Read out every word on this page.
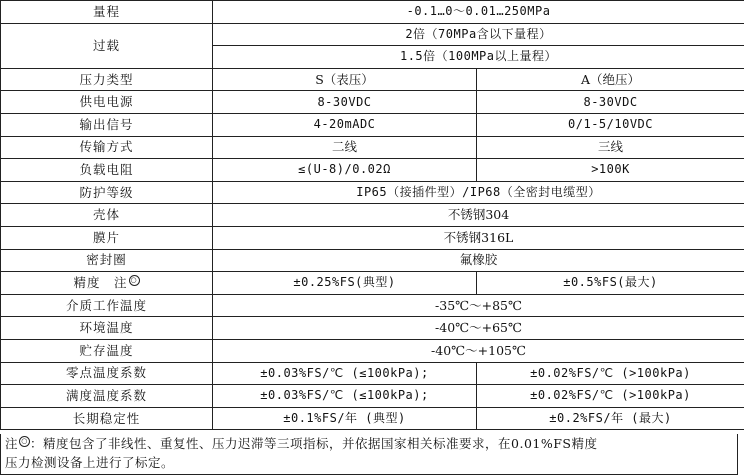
量程	-0.1…0～0.01…250MPa	
过载	2倍（70MPa含以下量程）	
	1.5倍（100MPa以上量程）	
压力类型	S（表压）	A（绝压）
供电电源	8-30VDC	8-30VDC
输出信号	4-20mADC	0/1-5/10VDC
传输方式	二线	三线
负载电阻	≤(U-8)/0.02Ω	>100K
防护等级	IP65（接插件型）/IP68（全密封电缆型）	
壳体	不锈钢304	
膜片	不锈钢316L	
密封圈	氟橡胶	
精度　注 ○	±0.25%FS(典型)	±0.5%FS(最大)
介质工作温度	-35℃～+85℃	
环境温度	-40℃～+65℃	
贮存温度	-40℃～+105℃	
零点温度系数	±0.03%FS/℃ (≤100kPa);	±0.02%FS/℃ (>100kPa)
满度温度系数	±0.03%FS/℃ (≤100kPa);	±0.02%FS/℃ (>100kPa)
长期稳定性	±0.1%FS/年 (典型)	±0.2%FS/年 (最大)
注 ○ ：精度包含了非线性、重复性、压力迟滞等三项指标，并依据国家相关标准要求，在0.01%FS精度
压力检测设备上进行了标定。
